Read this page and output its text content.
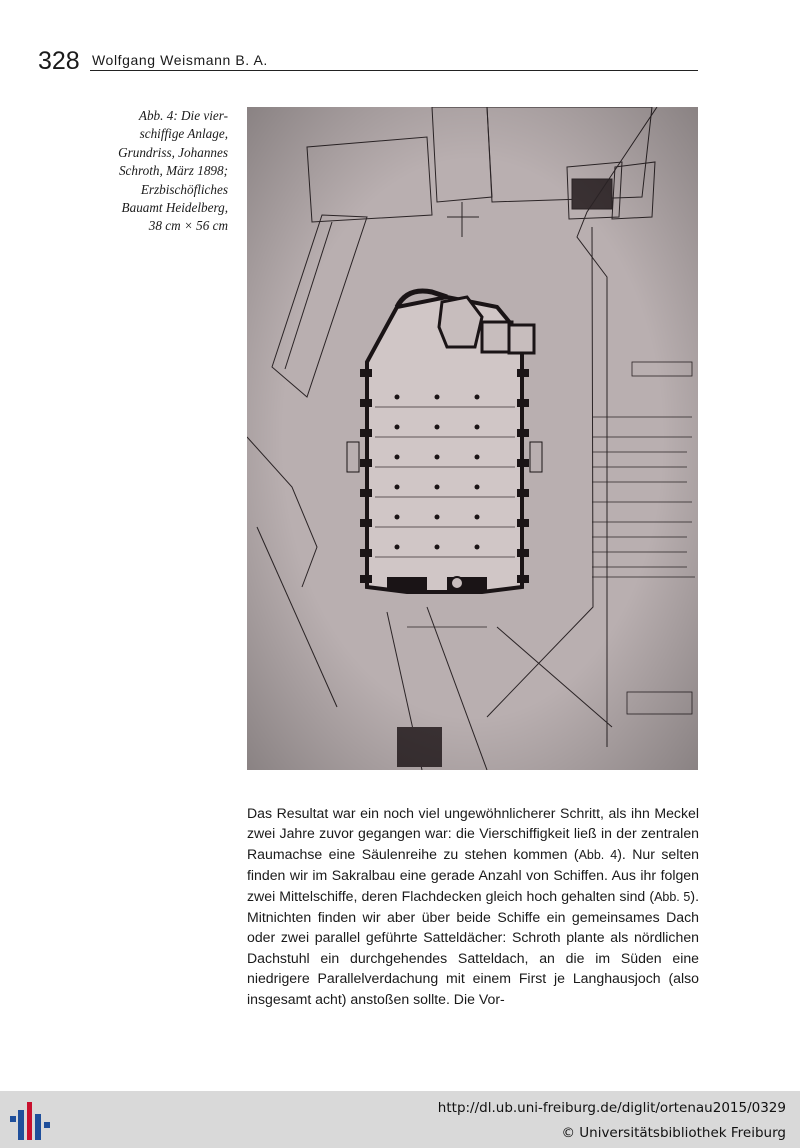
328 Wolfgang Weismann B. A.
Abb. 4: Die vier-
schiffige Anlage,
Grundriss, Johannes
Schroth, März 1898;
Erzbischöfliches
Bauamt Heidelberg,
38 cm × 56 cm

Das Resultat war ein noch viel ungewöhnlicherer Schritt, als ihn Meckel zwei Jahre zuvor gegangen war: die Vierschiffigkeit ließ in der zentralen Raumachse eine Säulenreihe zu stehen kommen (Abb. 4). Nur selten finden wir im Sakralbau eine gerade Anzahl von Schiffen. Aus ihr folgen zwei Mittelschiffe, deren Flachdecken gleich hoch gehalten sind (Abb. 5). Mitnichten finden wir aber über beide Schiffe ein gemeinsames Dach oder zwei parallel geführte Satteldächer: Schroth plante als nördlichen Dachstuhl ein durchgehendes Satteldach, an die im Süden eine niedrigere Parallelverdachung mit einem First je Langhausjoch (also insgesamt acht) anstoßen sollte. Die Vor-

http://dl.ub.uni-freiburg.de/diglit/ortenau2015/0329
© Universitätsbibliothek Freiburg
